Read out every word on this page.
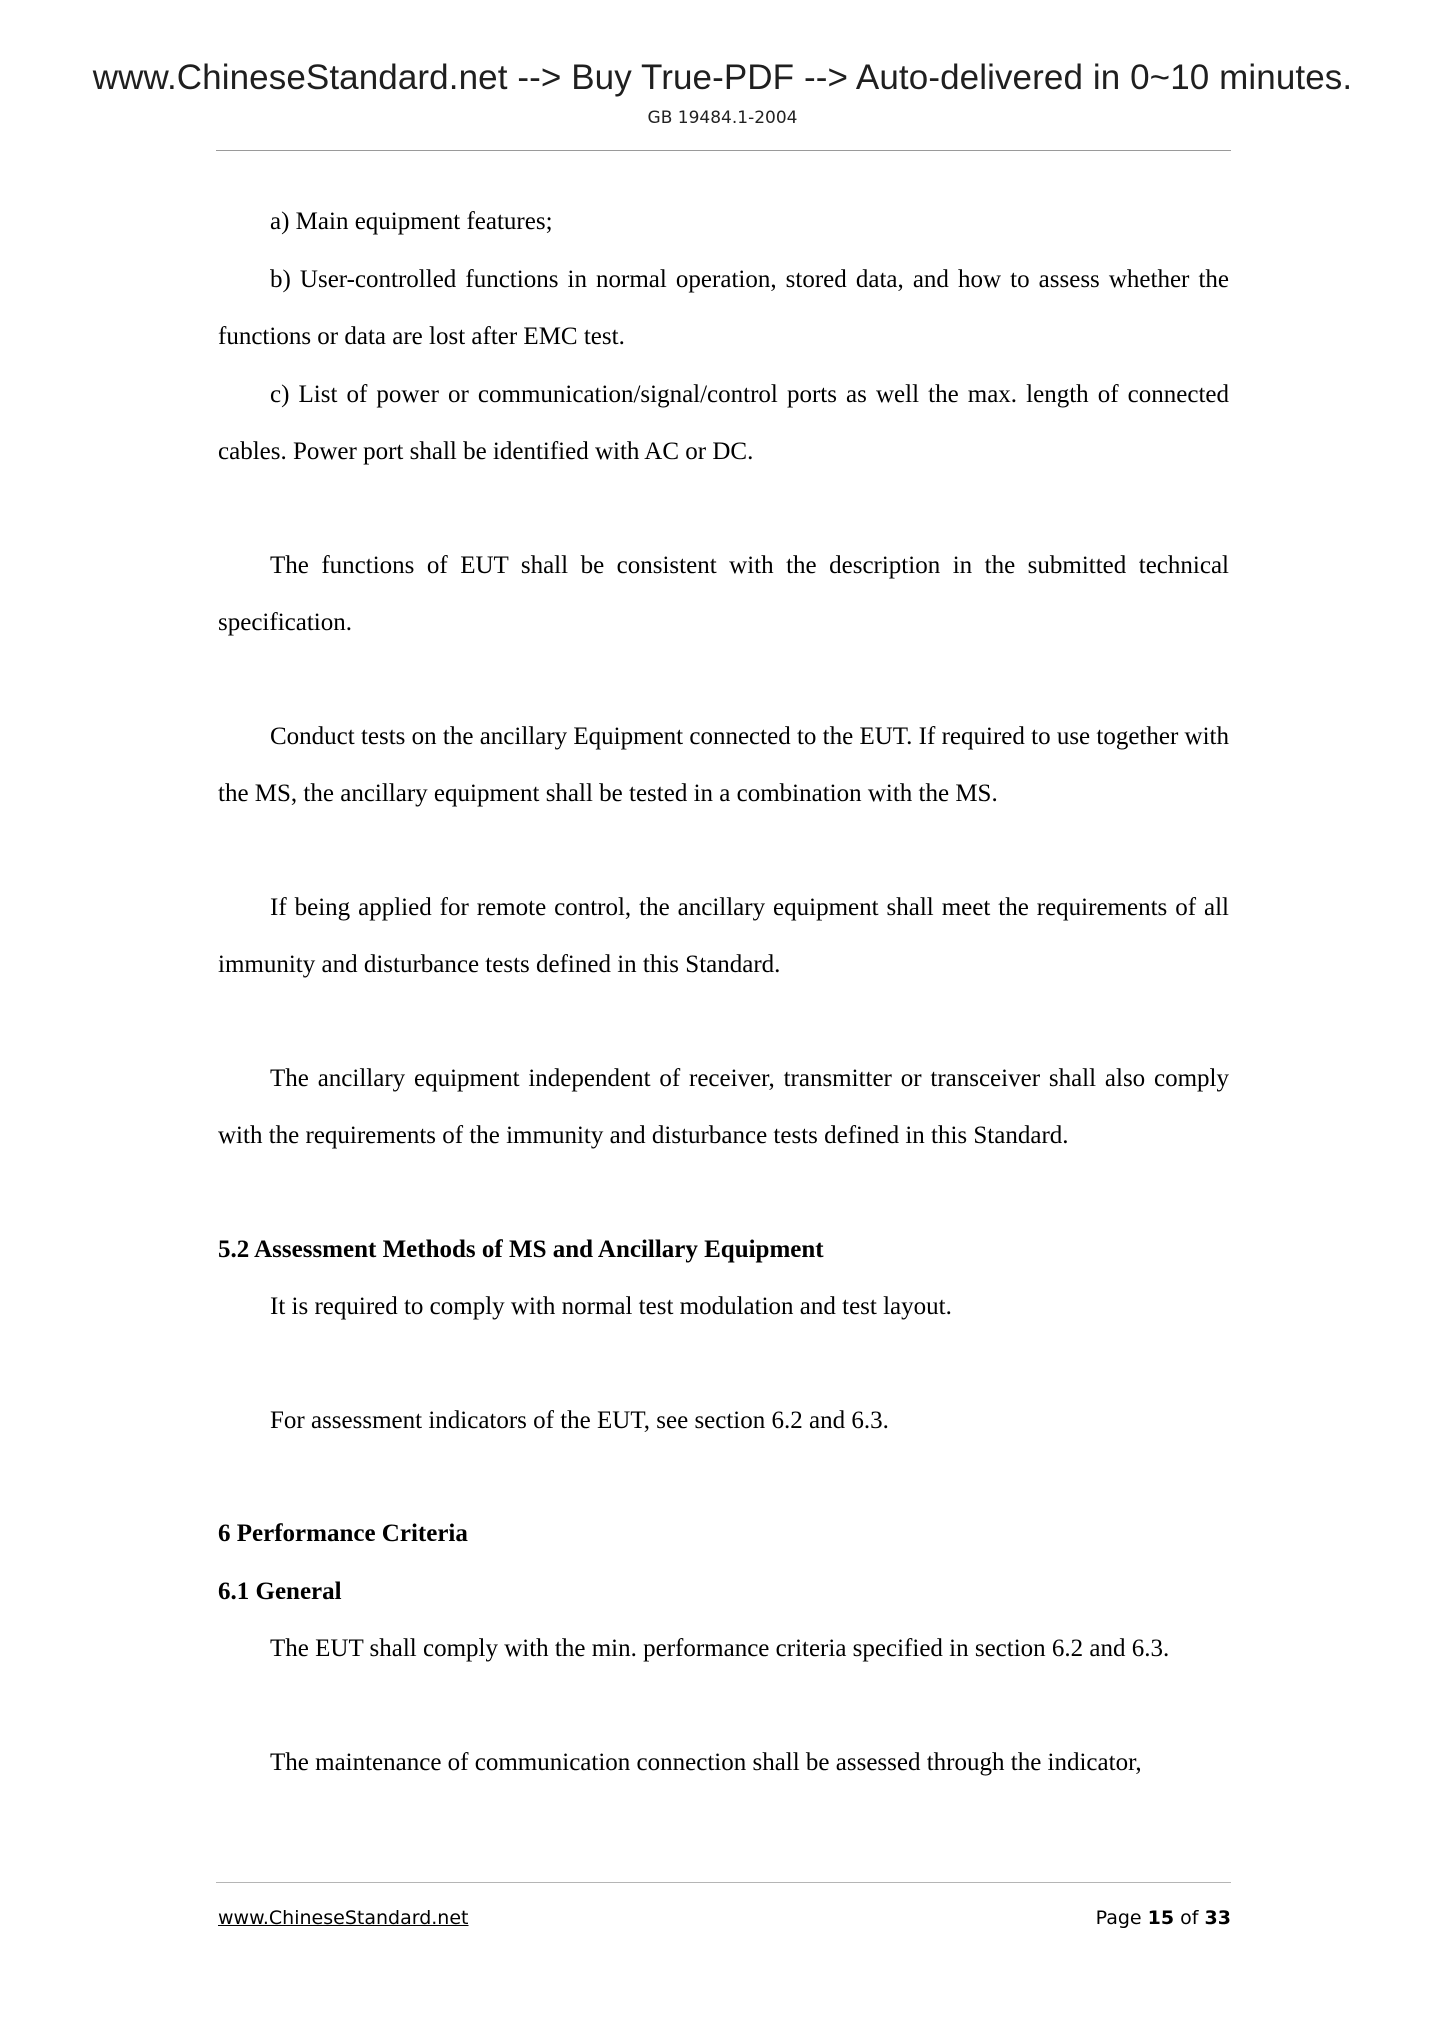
www.ChineseStandard.net --> Buy True-PDF --> Auto-delivered in 0~10 minutes.
GB 19484.1-2004

a) Main equipment features;

b) User-controlled functions in normal operation, stored data, and how to assess whether the functions or data are lost after EMC test.

c) List of power or communication/signal/control ports as well the max. length of connected cables. Power port shall be identified with AC or DC.

The functions of EUT shall be consistent with the description in the submitted technical specification.

Conduct tests on the ancillary Equipment connected to the EUT. If required to use together with the MS, the ancillary equipment shall be tested in a combination with the MS.

If being applied for remote control, the ancillary equipment shall meet the requirements of all immunity and disturbance tests defined in this Standard.

The ancillary equipment independent of receiver, transmitter or transceiver shall also comply with the requirements of the immunity and disturbance tests defined in this Standard.

5.2 Assessment Methods of MS and Ancillary Equipment

It is required to comply with normal test modulation and test layout.

For assessment indicators of the EUT, see section 6.2 and 6.3.

6 Performance Criteria

6.1 General

The EUT shall comply with the min. performance criteria specified in section 6.2 and 6.3.

The maintenance of communication connection shall be assessed through the indicator,

www.ChineseStandard.net	Page 15 of 33
